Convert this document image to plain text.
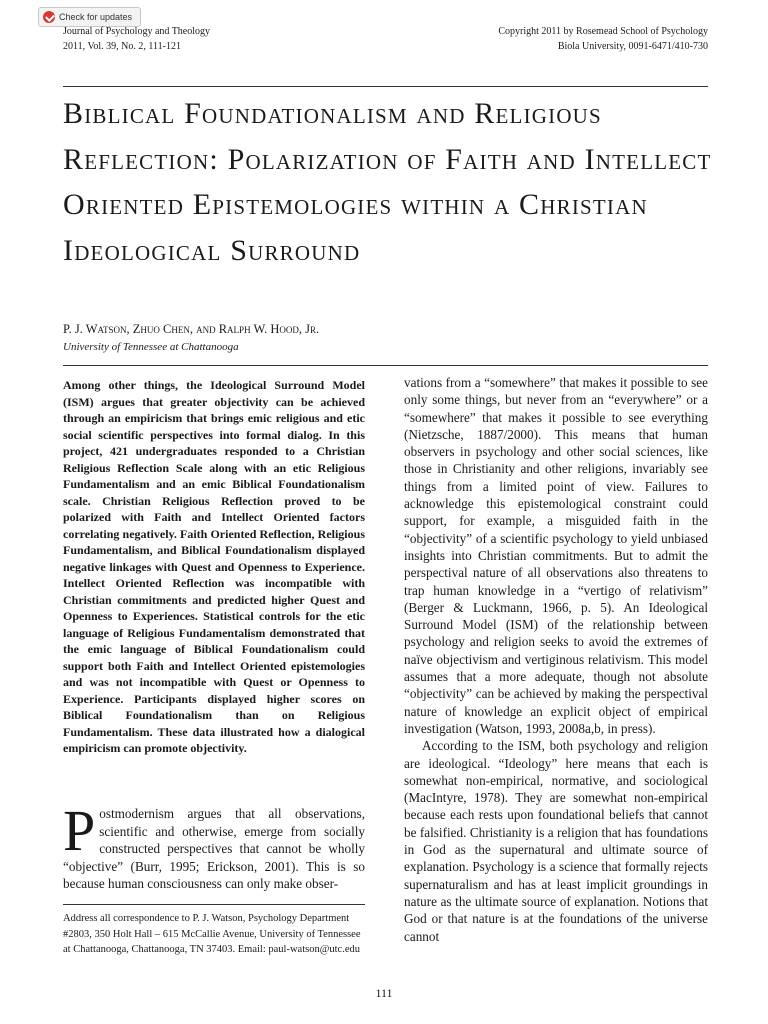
Check for updates
Journal of Psychology and Theology
2011, Vol. 39, No. 2, 111-121
Copyright 2011 by Rosemead School of Psychology
Biola University, 0091-6471/410-730
Biblical Foundationalism and Religious Reflection: Polarization of Faith and Intellect Oriented Epistemologies within a Christian Ideological Surround
P. J. Watson, Zhuo Chen, and Ralph W. Hood, Jr.
University of Tennessee at Chattanooga

Among other things, the Ideological Surround Model (ISM) argues that greater objectivity can be achieved through an empiricism that brings emic religious and etic social scientific perspectives into formal dialog. In this project, 421 undergraduates responded to a Christian Religious Reflection Scale along with an etic Religious Fundamentalism and an emic Biblical Foundationalism scale. Christian Religious Reflection proved to be polarized with Faith and Intellect Oriented factors correlating negatively. Faith Oriented Reflection, Religious Fundamentalism, and Biblical Foundationalism displayed negative linkages with Quest and Openness to Experience. Intellect Oriented Reflection was incompatible with Christian commitments and predicted higher Quest and Openness to Experiences. Statistical controls for the etic language of Religious Fundamentalism demonstrated that the emic language of Biblical Foundationalism could support both Faith and Intellect Oriented epistemologies and was not incompatible with Quest or Openness to Experience. Participants displayed higher scores on Biblical Foundationalism than on Religious Fundamentalism. These data illustrated how a dialogical empiricism can promote objectivity.

Postmodernism argues that all observations, scientific and otherwise, emerge from socially constructed perspectives that cannot be wholly “objective” (Burr, 1995; Erickson, 2001). This is so because human consciousness can only make obser-

Address all correspondence to P. J. Watson, Psychology Department #2803, 350 Holt Hall – 615 McCallie Avenue, University of Tennessee at Chattanooga, Chattanooga, TN 37403. Email: paul-watson@utc.edu

vations from a “somewhere” that makes it possible to see only some things, but never from an “everywhere” or a “somewhere” that makes it possible to see everything (Nietzsche, 1887/2000). This means that human observers in psychology and other social sciences, like those in Christianity and other religions, invariably see things from a limited point of view. Failures to acknowledge this epistemological constraint could support, for example, a misguided faith in the “objectivity” of a scientific psychology to yield unbiased insights into Christian commitments. But to admit the perspectival nature of all observations also threatens to trap human knowledge in a “vertigo of relativism” (Berger & Luckmann, 1966, p. 5). An Ideological Surround Model (ISM) of the relationship between psychology and religion seeks to avoid the extremes of naïve objectivism and vertiginous relativism. This model assumes that a more adequate, though not absolute “objectivity” can be achieved by making the perspectival nature of knowledge an explicit object of empirical investigation (Watson, 1993, 2008a,b, in press).

According to the ISM, both psychology and religion are ideological. “Ideology” here means that each is somewhat non-empirical, normative, and sociological (MacIntyre, 1978). They are somewhat non-empirical because each rests upon foundational beliefs that cannot be falsified. Christianity is a religion that has foundations in God as the supernatural and ultimate source of explanation. Psychology is a science that formally rejects supernaturalism and has at least implicit groundings in nature as the ultimate source of explanation. Notions that God or that nature is at the foundations of the universe cannot

111
